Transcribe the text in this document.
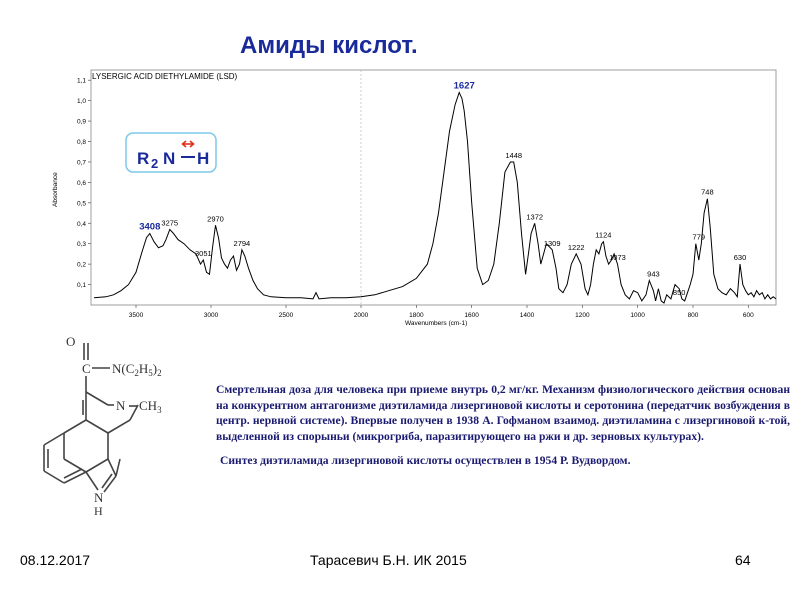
Амиды кислот.
0,1
0,2
0,3
0,4
0,5
0,6
0,7
0,8
0,9
1,0
1,1
3500	3000	2500	2000	1800	1600	1400	1200	1000	800	600
3408 3275
3051
2970
2794
1627
1448
1372
1309 1222
1124
1073
943
850
779
748
630
LYSERGIC ACID DIETHYLAMIDE (LSD)
Wavenumbers (cm-1)
Absorbance
R 2 N H
O
C $N(C_2H_5)_2$
N $CH_3$
N
H

Смертельная доза для человека при приеме внутрь 0,2 мг/кг. Механизм физиологического действия основан на конкурентном антагонизме диэтиламида лизергиновой кислоты и серотонина (передатчик возбуждения в центр. нервной системе). Впервые получен в 1938 А. Гофманом взаимод. диэтиламина с лизергиновой к-той, выделенной из спорыньи (микрогриба, паразитирующего на ржи и др. зерновых культурах).

Синтез диэтиламида лизергиновой кислоты осуществлен в 1954 Р. Вудвордом.

08.12.2017	Тарасевич Б.Н. ИК 2015	64
